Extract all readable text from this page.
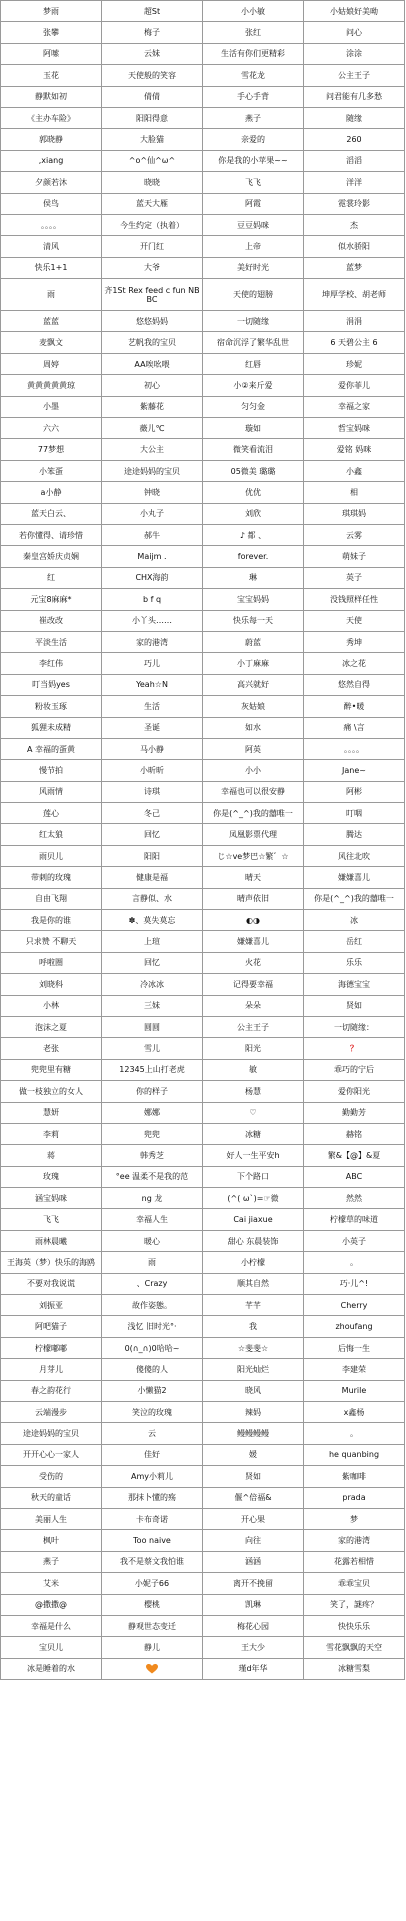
梦雨	超St	小小敏	小姑娘好美呦
张攀	梅子	张红	问心
阿嗦	云妹	生活有你们更精彩	涂涂
玉花	天使般的笑容	雪花龙	公主王子
静默如初	倩倩	手心手背	问君能有几多愁
《主办车险》	阳阳得意	燕子	随缘
郭晓静	大脸猫	亲爱的	260
,xiang	^o^仙^ω^	你是我的小苹果~~	滔滔
夕颜若沐	晓晓	飞飞	洋洋
侯鸟	蓝天大雁	阿霞	霓裳玲影
。。。。	今生约定（执着）	豆豆妈咪	杰
清风	开门红	上帝	似水骄阳
快乐1+1	大爷	美好时光	蓝梦
雨	齐1St Rex feed c fun NB BC	天使的翅膀	坤厚学校、胡老师
蓝蓝	悠悠妈妈	一切随缘	涓涓
麦飘文	艺帆我的宝贝	宿命沉浮了繁华乱世	6 天碧公主 6
周婷	AA唉吆喂	红唇	珍妮
黄黄黄黄黄琼	初心	小②来斤爱	爱你菲儿
小墨	紫藤花	匀匀金	幸福之家
六六	薇儿℃	璇如	哲宝妈咪
77梦想	大公主	微笑看流泪	爱铭 妈咪
小笨蛋	途途妈妈的宝贝	05微美 璐璐	小鑫
a小静	钟晓	优优	相
蓝天白云、	小丸子	刘欣	琪琪妈
若你懂得、请珍惜	郝牛	♪ 都 、	云雾
秦皇宫娇庆贞娴	Maijm .	forever.	萌妹子
红	CHX海韵	琳	英子
元宝8麻麻*	b f q	宝宝妈妈	没钱照样任性
崔改改	小丫头……	快乐每一天	天使
平淡生活	家的港湾	蔚蓝	秀坤
李红伟	巧儿	小丁麻麻	冰之花
叮当妈yes	Yeah☆N	高兴就好	悠然自得
粉妆玉琢	生活	灰姑娘	醉•暖
狐狸未成精	圣诞	如水	痛 \言
A 幸福的蛋黄	马小静	阿英	。。。。
慢节拍	小昕昕	小小	Jane~
风雨情	诗琪	幸福也可以很安静	阿彬
莲心	冬己	你是(^_^)我的囍唯一	叮咽
红太狼	回忆	凤凰影票代理	腾达
雨贝儿	阳阳	じ☆ve梦巴☆繁゛☆	风往北吹
带刺的玫瑰	健康是福	晴天	嫌嫌喜儿
自由飞翔	言静似、水	晴声依旧	你是(^_^)我的囍唯一
我是你的谁	✽、莫失莫忘	◐◑	冰
只求赞 不聊天	上瑄	嫌嫌喜儿	岳红
呼啦圈	回忆	火花	乐乐
刘晓科	冷冰冰	记得要幸福	海德宝宝
小林	三妹	朵朵	贤如
泡沫之夏	圆圆	公主王子	一切随缘：
老张	雪儿	阳光	？
兜兜里有糖	12345上山打老虎	敏	乖巧的宁后
做一枝独立的女人	你的样子	杨慧	爱你阳光
慧妍	娜娜	♡	勤勤芳
李莉	兜兜	冰糖	赫铭
蒋	韩秀芝	好人一生平安h	繁&【@】&夏
玫瑰	°ee 温柔不是我的范	下个路口	ABC
涵宝妈咪	ng 龙	(^( ω`)=☞微	然然
飞飞	幸福人生	Cai jiaxue	柠檬草的味道
雨林晨曦	暖心	甜心 东晨装饰	小英子
王海英（梦）快乐的海鸥	雨	小柠檬	。
不要对我说谎	、Crazy	顺其自然	巧·儿^!
刘振亚	故作姿態。	芊芊	Cherry
阿吧猫子	浅忆 旧时光°·	我	zhoufang
柠檬嘟嘟	0(∩_∩)0哈哈~	☆斐斐☆	后悔一生
月芽儿	傻傻的人	阳光灿烂	李建荣
春之韵花行	小懒猫2	晓风	Murile
云端漫步	笑泣的玫瑰	辣妈	x鑫杨
途途妈妈的宝贝	云	鳗鳗鳗鳗	。
开开心心一家人	佳好	媛	he quanbing
受伤的	Amy小莉儿	贤如	紫咖啡
秋天的童话	那抹卜懂的殇	偃^倍福&	prada
美丽人生	卡布奇诺	开心果	梦
枫叶	Too naive	向往	家的港湾
燕子	我不是蔡文我怕谁	涵涵	花露若相惜
艾米	小妮子66	离开不挽留	乖乖宝贝
@撒撒@	樱桃	凯琳	笑了，謎疼？
幸福是什么	静观世态变迁	梅花心园	快快乐乐
宝贝儿	静儿	王大少	雪花飘飘的天空
冰是睡着的水		瑾d年华	冰糖雪梨
